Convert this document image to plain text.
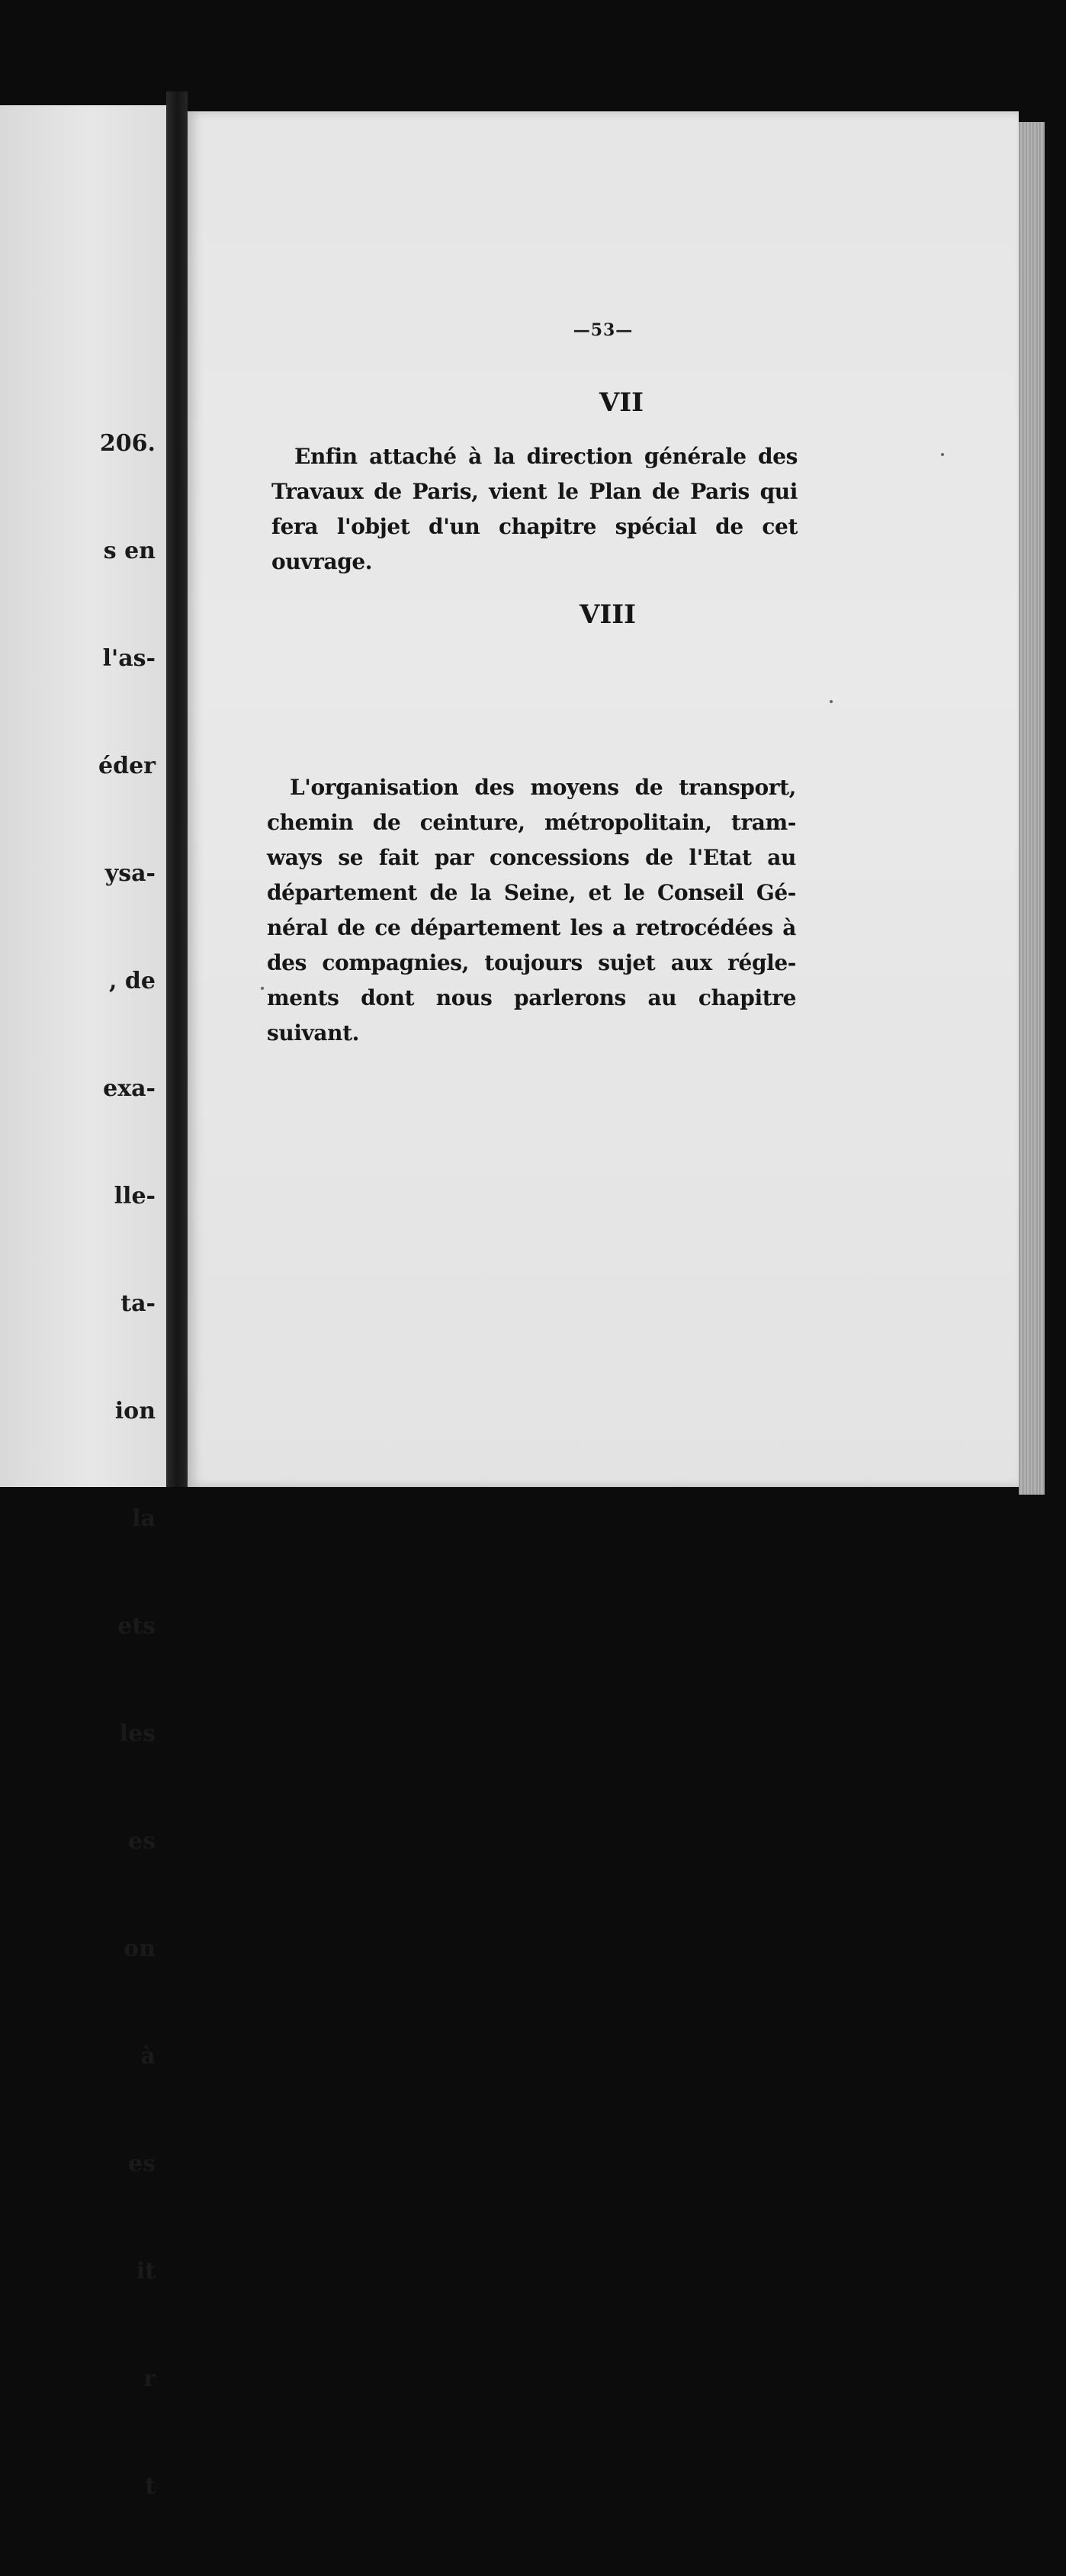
206.

s en

l'as-

éder

ysa-

, de

exa-

lle-

ta-

ion

la

ets

les

es

on

à

es

it

r

t

—53—
VII
Enfin attaché à la direction générale des
Travaux de Paris, vient le Plan de Paris qui
fera l'objet d'un chapitre spécial de cet
ouvrage.
VIII
L'organisation des moyens de transport,
chemin de ceinture, métropolitain, tram-
ways se fait par concessions de l'Etat au
département de la Seine, et le Conseil Gé-
néral de ce département les a retrocédées à
des compagnies, toujours sujet aux régle-
ments dont nous parlerons au chapitre
suivant.
